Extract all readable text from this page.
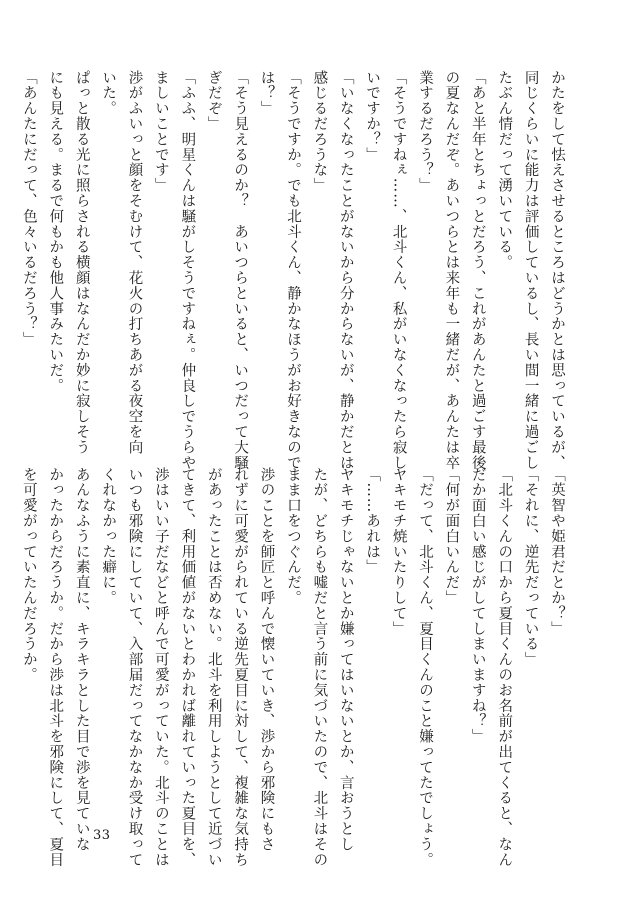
かたをして怯えさせるところはどうかとは思っているが、

同じくらいに能力は評価しているし、長い間一緒に過ごし

たぶん情だって湧いている。

「あと半年とちょっとだろう、これがあんたと過ごす最後

の夏なんだぞ。あいつらとは来年も一緒だが、あんたは卒

業するだろう？」

「そうですねぇ……、北斗くん、私がいなくなったら寂し

いですか？」

「いなくなったことがないから分からないが、静かだとは

感じるだろうな」

「そうですか。でも北斗くん、静かなほうがお好きなので

は？」

「そう見えるのか？　あいつらといると、いつだって大騒

ぎだぞ」

「ふふ、明星くんは騒がしそうですねぇ。仲良しでうらや

ましいことです」

渉がふいっと顔をそむけて、花火の打ちあがる夜空を向

いた。

ぱっと散る光に照らされる横顔はなんだか妙に寂しそう

にも見える。まるで何もかも他人事みたいだ。

「あんたにだって、色々いるだろう？」

「英智や姫君だとか？」

「それに、逆先だっている」

「北斗くんの口から夏目くんのお名前が出てくると、なん

だか面白い感じがしてしまいますね？」

「何が面白いんだ」

「だって、北斗くん、夏目くんのこと嫌ってたでしょう。

ヤキモチ焼いたりして」

「……あれは」

ヤキモチじゃないとか嫌ってはいないとか、言おうとし

たが、どちらも嘘だと言う前に気づいたので、北斗はその

まま口をつぐんだ。

渉のことを師匠と呼んで懐いていき、渉から邪険にもさ

れずに可愛がられている逆先夏目に対して、複雑な気持ち

があったことは否めない。北斗を利用しようとして近づい

てきて、利用価値がないとわかれば離れていった夏目を、

渉はいい子だなどと呼んで可愛がっていた。北斗のことは

いつも邪険にしていて、入部届だってなかなか受け取って

くれなかった癖に。

あんなふうに素直に、キラキラとした目で渉を見ていな

かったからだろうか。だから渉は北斗を邪険にして、夏目

を可愛がっていたんだろうか。

33
